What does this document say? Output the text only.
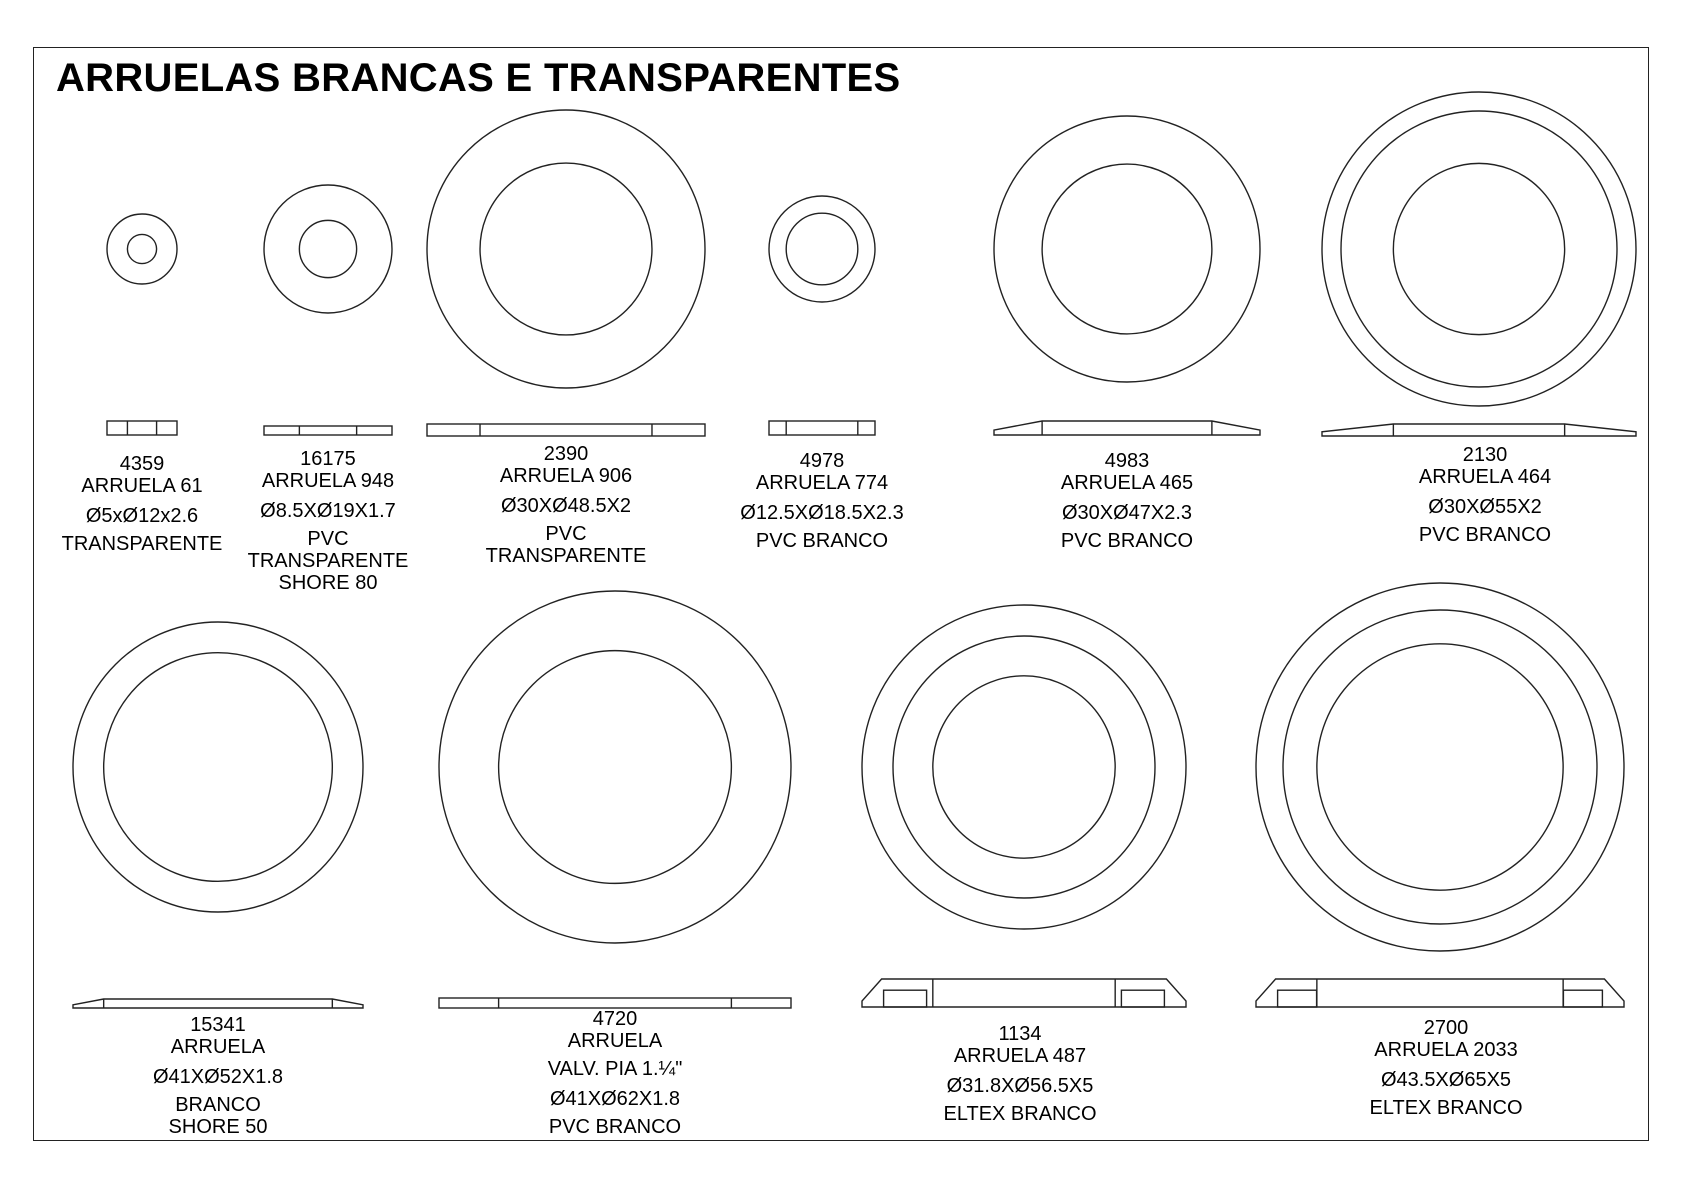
ARRUELAS BRANCAS E TRANSPARENTES
4359
ARRUELA 61
Ø5xØ12x2.6
TRANSPARENTE
16175
ARRUELA 948
Ø8.5XØ19X1.7
PVC
TRANSPARENTE
SHORE 80
2390
ARRUELA 906
Ø30XØ48.5X2
PVC
TRANSPARENTE
4978
ARRUELA 774
Ø12.5XØ18.5X2.3
PVC BRANCO
4983
ARRUELA 465
Ø30XØ47X2.3
PVC BRANCO
2130
ARRUELA 464
Ø30XØ55X2
PVC BRANCO
15341
ARRUELA
Ø41XØ52X1.8
BRANCO
SHORE 50
4720
ARRUELA
VALV. PIA 1.¼"
Ø41XØ62X1.8
PVC BRANCO
1134
ARRUELA 487
Ø31.8XØ56.5X5
ELTEX BRANCO
2700
ARRUELA 2033
Ø43.5XØ65X5
ELTEX BRANCO
